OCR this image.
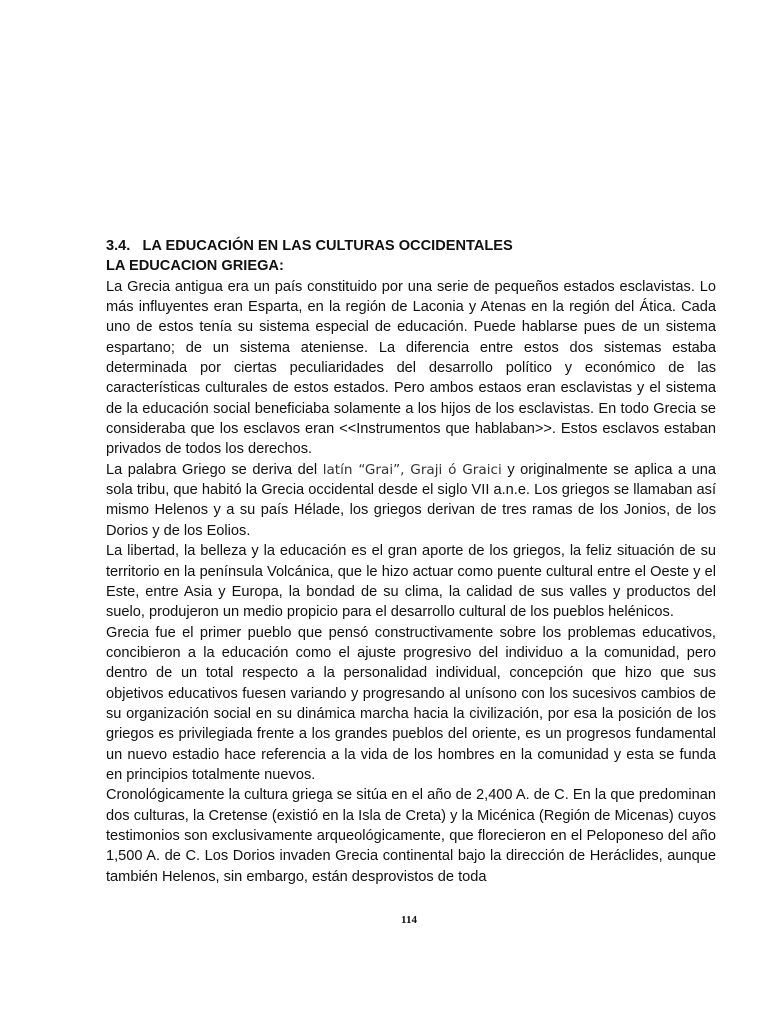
3.4. LA EDUCACIÓN EN LAS CULTURAS OCCIDENTALES

LA EDUCACION GRIEGA:

La Grecia antigua era un país constituido por una serie de pequeños estados esclavistas. Lo más influyentes eran Esparta, en la región de Laconia y Atenas en la región del Ática. Cada uno de estos tenía su sistema especial de educación. Puede hablarse pues de un sistema espartano; de un sistema ateniense. La diferencia entre estos dos sistemas estaba determinada por ciertas peculiaridades del desarrollo político y económico de las características culturales de estos estados. Pero ambos estaos eran esclavistas y el sistema de la educación social beneficiaba solamente a los hijos de los esclavistas. En todo Grecia se consideraba que los esclavos eran <<Instrumentos que hablaban>>. Estos esclavos estaban privados de todos los derechos.

La palabra Griego se deriva del latín “Grai”, Graji ó Graici y originalmente se aplica a una sola tribu, que habitó la Grecia occidental desde el siglo VII a.n.e. Los griegos se llamaban así mismo Helenos y a su país Hélade, los griegos derivan de tres ramas de los Jonios, de los Dorios y de los Eolios.

La libertad, la belleza y la educación es el gran aporte de los griegos, la feliz situación de su territorio en la península Volcánica, que le hizo actuar como puente cultural entre el Oeste y el Este, entre Asia y Europa, la bondad de su clima, la calidad de sus valles y productos del suelo, produjeron un medio propicio para el desarrollo cultural de los pueblos helénicos.

Grecia fue el primer pueblo que pensó constructivamente sobre los problemas educativos, concibieron a la educación como el ajuste progresivo del individuo a la comunidad, pero dentro de un total respecto a la personalidad individual, concepción que hizo que sus objetivos educativos fuesen variando y progresando al unísono con los sucesivos cambios de su organización social en su dinámica marcha hacia la civilización, por esa la posición de los griegos es privilegiada frente a los grandes pueblos del oriente, es un progresos fundamental un nuevo estadio hace referencia a la vida de los hombres en la comunidad y esta se funda en principios totalmente nuevos.

Cronológicamente la cultura griega se sitúa en el año de 2,400 A. de C. En la que predominan dos culturas, la Cretense (existió en la Isla de Creta) y la Micénica (Región de Micenas) cuyos testimonios son exclusivamente arqueológicamente, que florecieron en el Peloponeso del año 1,500 A. de C. Los Dorios invaden Grecia continental bajo la dirección de Heráclides, aunque también Helenos, sin embargo, están desprovistos de toda

114
